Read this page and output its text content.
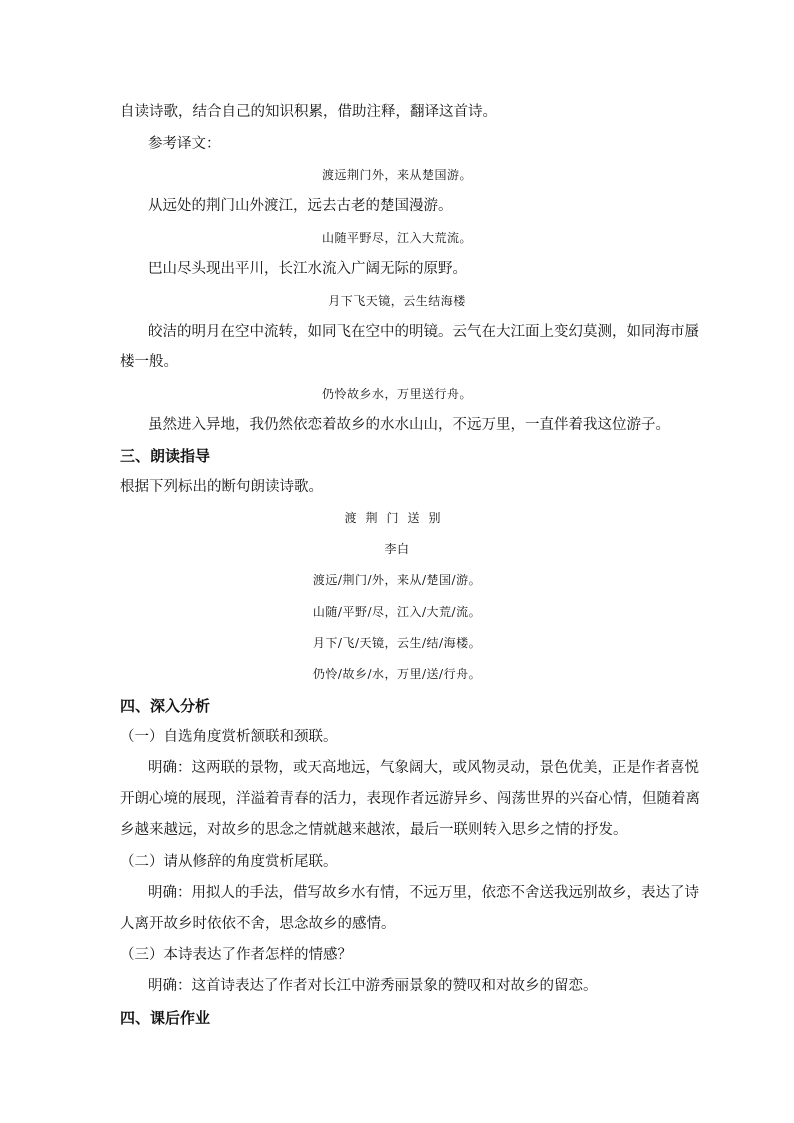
自读诗歌，结合自己的知识积累，借助注释，翻译这首诗。
参考译文：
渡远荆门外，来从楚国游。
从远处的荆门山外渡江，远去古老的楚国漫游。
山随平野尽，江入大荒流。
巴山尽头现出平川，长江水流入广阔无际的原野。
月下飞天镜，云生结海楼
皎洁的明月在空中流转，如同飞在空中的明镜。云气在大江面上变幻莫测，如同海市蜃
楼一般。
仍怜故乡水，万里送行舟。
虽然进入异地，我仍然依恋着故乡的水水山山，不远万里，一直伴着我这位游子。
三、朗读指导
根据下列标出的断句朗读诗歌。
渡荆门送别
李白
渡远/荆门/外，来从/楚国/游。
山随/平野/尽，江入/大荒/流。
月下/飞/天镜，云生/结/海楼。
仍怜/故乡/水，万里/送/行舟。
四、深入分析
（一）自选角度赏析颔联和颈联。
明确：这两联的景物，或天高地远，气象阔大，或风物灵动，景色优美，正是作者喜悦
开朗心境的展现，洋溢着青春的活力，表现作者远游异乡、闯荡世界的兴奋心情，但随着离
乡越来越远，对故乡的思念之情就越来越浓，最后一联则转入思乡之情的抒发。
（二）请从修辞的角度赏析尾联。
明确：用拟人的手法，借写故乡水有情，不远万里，依恋不舍送我远别故乡，表达了诗
人离开故乡时依依不舍，思念故乡的感情。
（三）本诗表达了作者怎样的情感？
明确：这首诗表达了作者对长江中游秀丽景象的赞叹和对故乡的留恋。
四、课后作业
